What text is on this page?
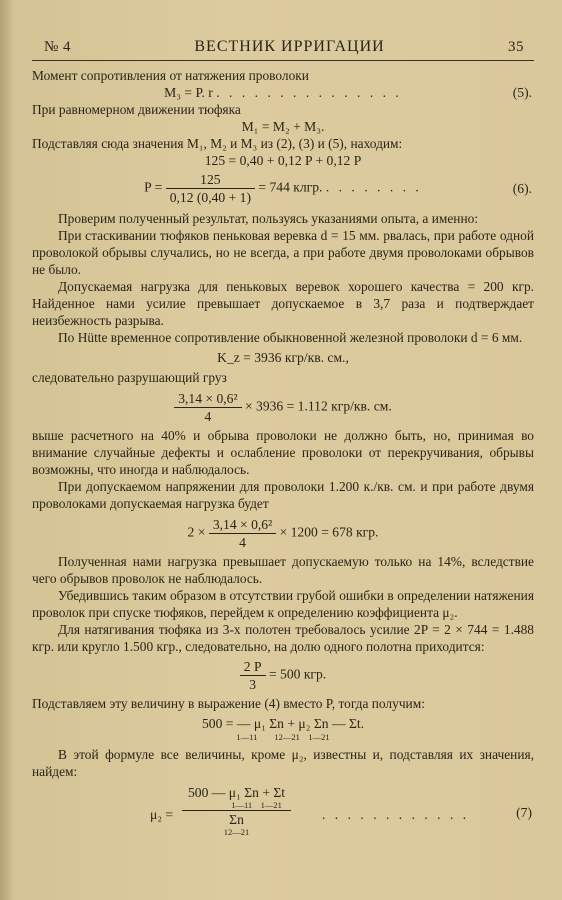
№ 4	ВЕСТНИК ИРРИГАЦИИ	35

Момент сопротивления от натяжения проволоки

M₃ = P. r . . . . . . . . . . . . . . .	(5).

При равномерном движении тюфяка

M₁ = M₂ + M₃.

Подставляя сюда значения M₁, M₂ и M₃ из (2), (3) и (5), находим:

125 = 0,40 + 0,12 P + 0,12 P
$P = \frac{125}{0,12 (0,40 + 1)} = 744$ клгр. . . . . . . . .	(6).

Проверим полученный результат, пользуясь указаниями опыта, а именно:

При стаскивании тюфяков пеньковая веревка d = 15 мм. рвалась, при работе одной проволокой обрывы случались, но не всегда, а при работе двумя проволоками обрывов не было.

Допускаемая нагрузка для пеньковых веревок хорошего качества = 200 кгр. Найденное нами усилие превышает допускаемое в 3,7 раза и подтверждает неизбежность разрыва.

По Hütte временное сопротивление обыкновенной железной проволоки d = 6 мм.

K_z = 3936 кгр/кв. см.,

следовательно разрушающий груз

$\frac{\text{3,14 × 0,6²}}{4} \times 3936 = 1.112$ кгр/кв. см.

выше расчетного на 40% и обрыва проволоки не должно быть, но, принимая во внимание случайные дефекты и ослабление проволоки от перекручивания, обрывы возможны, что иногда и наблюдалось.

При допускаемом напряжении для проволоки 1.200 к./кв. см. и при работе двумя проволоками допускаемая нагрузка будет

$2 \times \frac{\text{3,14 × 0,6²}}{4} \times 1200 = 678$ кгр.

Полученная нами нагрузка превышает допускаемую только на 14%, вследствие чего обрывов проволок не наблюдалось.

Убедившись таким образом в отсутствии грубой ошибки в определении натяжения проволок при спуске тюфяков, перейдем к определению коэффициента μ₂.

Для натягивания тюфяка из 3-х полотен требовалось усилие 2P = 2 × 744 = 1.488 кгр. или кругло 1.500 кгр., следовательно, на долю одного полотна приходится:

$\frac{2 P}{3} = 500$ кгр.

Подставляем эту величину в выражение (4) вместо P, тогда получим:

500 = — μ₁ Σn + μ₂ Σn — Σt.
1—11        12—21    1—21

В этой формуле все величины, кроме μ₂, известны и, подставляя их значения, найдем:

μ₂ = 500 — μ₁ Σn + Σt
1—11    1—21
Σn
12—21 . . . . . . . . . . . .	(7)
